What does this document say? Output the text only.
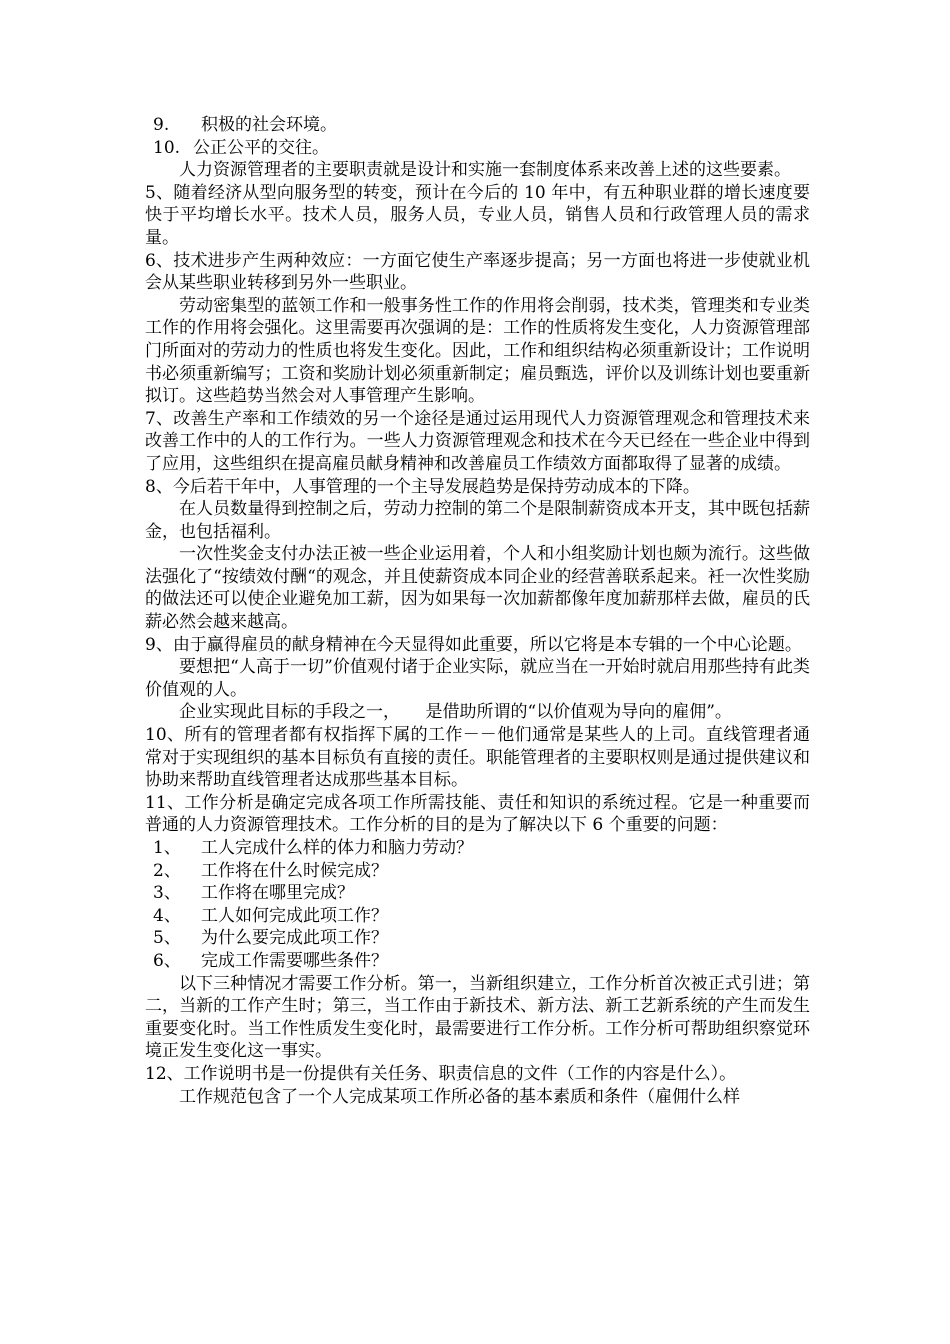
9. 积极的社会环境。

10. 公正公平的交往。

人力资源管理者的主要职责就是设计和实施一套制度体系来改善上述的这些要素。

5、随着经济从型向服务型的转变，预计在今后的 10 年中，有五种职业群的增长速度要快于平均增长水平。技术人员，服务人员，专业人员，销售人员和行政管理人员的需求量。

6、技术进步产生两种效应：一方面它使生产率逐步提高；另一方面也将进一步使就业机会从某些职业转移到另外一些职业。

劳动密集型的蓝领工作和一般事务性工作的作用将会削弱，技术类，管理类和专业类工作的作用将会强化。这里需要再次强调的是：工作的性质将发生变化，人力资源管理部门所面对的劳动力的性质也将发生变化。因此，工作和组织结构必须重新设计；工作说明书必须重新编写；工资和奖励计划必须重新制定；雇员甄选，评价以及训练计划也要重新拟订。这些趋势当然会对人事管理产生影响。

7、改善生产率和工作绩效的另一个途径是通过运用现代人力资源管理观念和管理技术来改善工作中的人的工作行为。一些人力资源管理观念和技术在今天已经在一些企业中得到了应用，这些组织在提高雇员献身精神和改善雇员工作绩效方面都取得了显著的成绩。

8、今后若干年中，人事管理的一个主导发展趋势是保持劳动成本的下降。

在人员数量得到控制之后，劳动力控制的第二个是限制薪资成本开支，其中既包括薪金，也包括福利。

一次性奖金支付办法正被一些企业运用着，个人和小组奖励计划也颇为流行。这些做法强化了“按绩效付酬“的观念，并且使薪资成本同企业的经营善联系起来。衽一次性奖励的做法还可以使企业避免加工薪，因为如果每一次加薪都像年度加薪那样去做，雇员的氏薪必然会越来越高。

9、由于赢得雇员的献身精神在今天显得如此重要，所以它将是本专辑的一个中心论题。

要想把“人高于一切”价值观付诸于企业实际，就应当在一开始时就启用那些持有此类价值观的人。

企业实现此目标的手段之一，　　是借助所谓的“以价值观为导向的雇佣”。

10、所有的管理者都有权指挥下属的工作－－他们通常是某些人的上司。直线管理者通常对于实现组织的基本目标负有直接的责任。职能管理者的主要职权则是通过提供建议和协助来帮助直线管理者达成那些基本目标。

11、工作分析是确定完成各项工作所需技能、责任和知识的系统过程。它是一种重要而普通的人力资源管理技术。工作分析的目的是为了解决以下 6 个重要的问题：

1、 工人完成什么样的体力和脑力劳动？

2、 工作将在什么时候完成？

3、 工作将在哪里完成？

4、 工人如何完成此项工作？

5、 为什么要完成此项工作？

6、 完成工作需要哪些条件？

以下三种情况才需要工作分析。第一，当新组织建立，工作分析首次被正式引进；第二，当新的工作产生时；第三，当工作由于新技术、新方法、新工艺新系统的产生而发生重要变化时。当工作性质发生变化时，最需要进行工作分析。工作分析可帮助组织察觉环境正发生变化这一事实。

12、工作说明书是一份提供有关任务、职责信息的文件（工作的内容是什么）。

工作规范包含了一个人完成某项工作所必备的基本素质和条件（雇佣什么样
